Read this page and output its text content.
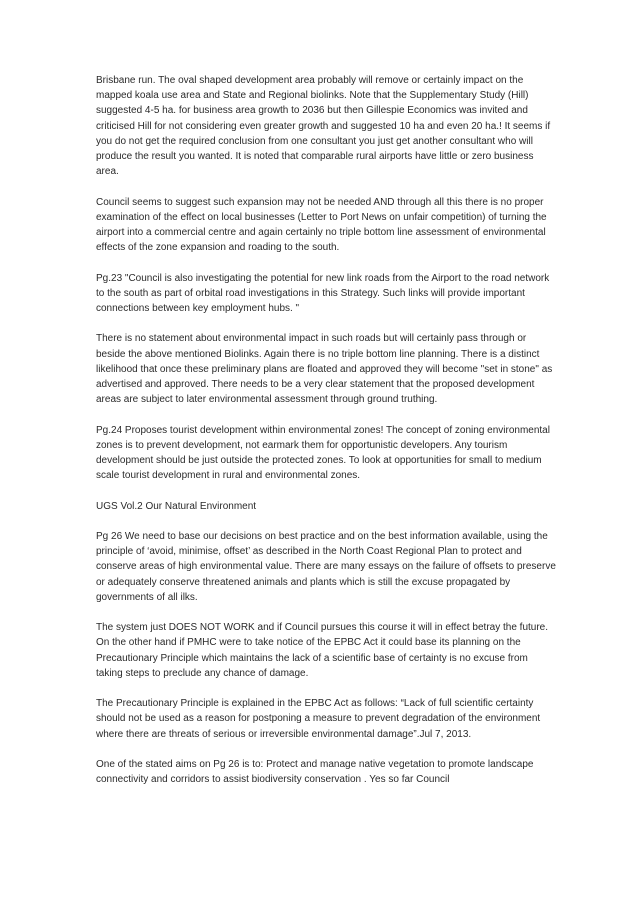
Brisbane run. The oval shaped development area probably will remove or certainly impact on the mapped koala use area and State and Regional biolinks. Note that the Supplementary Study (Hill) suggested 4-5 ha. for business area growth to 2036 but then Gillespie Economics was invited and criticised Hill for not considering even greater growth and suggested 10 ha and even 20 ha.! It seems if you do not get the required conclusion from one consultant you just get another consultant who will produce the result you wanted. It is noted that comparable rural airports have little or zero business area.

Council seems to suggest such expansion may not be needed AND through all this there is no proper examination of the effect on local businesses (Letter to Port News on unfair competition) of turning the airport into a commercial centre and again certainly no triple bottom line assessment of environmental effects of the zone expansion and roading to the south.

Pg.23 "Council is also investigating the potential for new link roads from the Airport to the road network to the south as part of orbital road investigations in this Strategy. Such links will provide important connections between key employment hubs. "

There is no statement about environmental impact in such roads but will certainly pass through or beside the above mentioned Biolinks. Again there is no triple bottom line planning. There is a distinct likelihood that once these preliminary plans are floated and approved they will become "set in stone" as advertised and approved. There needs to be a very clear statement that the proposed development areas are subject to later environmental assessment through ground truthing.

Pg.24 Proposes tourist development within environmental zones! The concept of zoning environmental zones is to prevent development, not earmark them for opportunistic developers. Any tourism development should be just outside the protected zones. To look at opportunities for small to medium scale tourist development in rural and environmental zones.

UGS Vol.2 Our Natural Environment

Pg 26 We need to base our decisions on best practice and on the best information available, using the principle of ‘avoid, minimise, offset’ as described in the North Coast Regional Plan to protect and conserve areas of high environmental value. There are many essays on the failure of offsets to preserve or adequately conserve threatened animals and plants which is still the excuse propagated by governments of all ilks.

The system just DOES NOT WORK and if Council pursues this course it will in effect betray the future. On the other hand if PMHC were to take notice of the EPBC Act it could base its planning on the Precautionary Principle which maintains the lack of a scientific base of certainty is no excuse from taking steps to preclude any chance of damage.

The Precautionary Principle is explained in the EPBC Act as follows: “Lack of full scientific certainty should not be used as a reason for postponing a measure to prevent degradation of the environment where there are threats of serious or irreversible environmental damage”.Jul 7, 2013.

One of the stated aims on Pg 26 is to: Protect and manage native vegetation to promote landscape connectivity and corridors to assist biodiversity conservation . Yes so far Council
